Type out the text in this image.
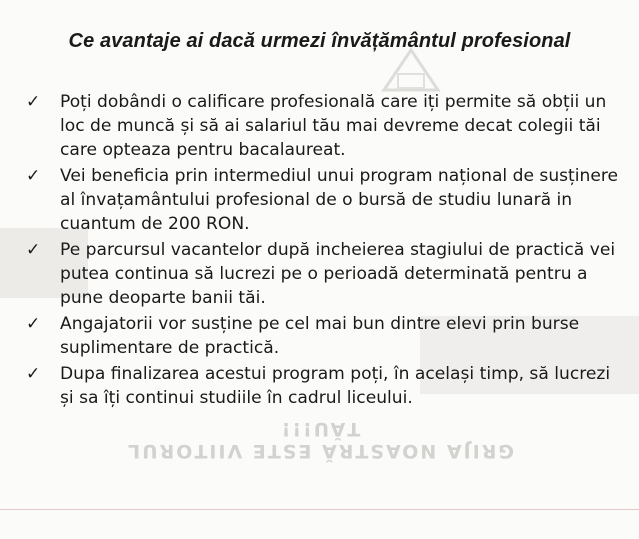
GRIJA NOASTRĂ ESTE VIITORUL TĂU!!!
Ce avantaje ai dacă urmezi învățământul profesional
✓ Poți dobândi o calificare profesională care iți permite să obții un loc de muncă și să ai salariul tău mai devreme decat colegii tăi care opteaza pentru bacalaureat.
✓ Vei beneficia prin intermediul unui program național de susținere al învațamântului profesional de o bursă de studiu lunară in cuantum de 200 RON.
✓ Pe parcursul vacantelor după incheierea stagiului de practică vei putea continua să lucrezi pe o perioadă determinată pentru a pune deoparte banii tăi.
✓ Angajatorii vor susține pe cel mai bun dintre elevi prin burse suplimentare de practică.
✓ Dupa finalizarea acestui program poți, în același timp, să lucrezi și sa îți continui studiile în cadrul liceului.
